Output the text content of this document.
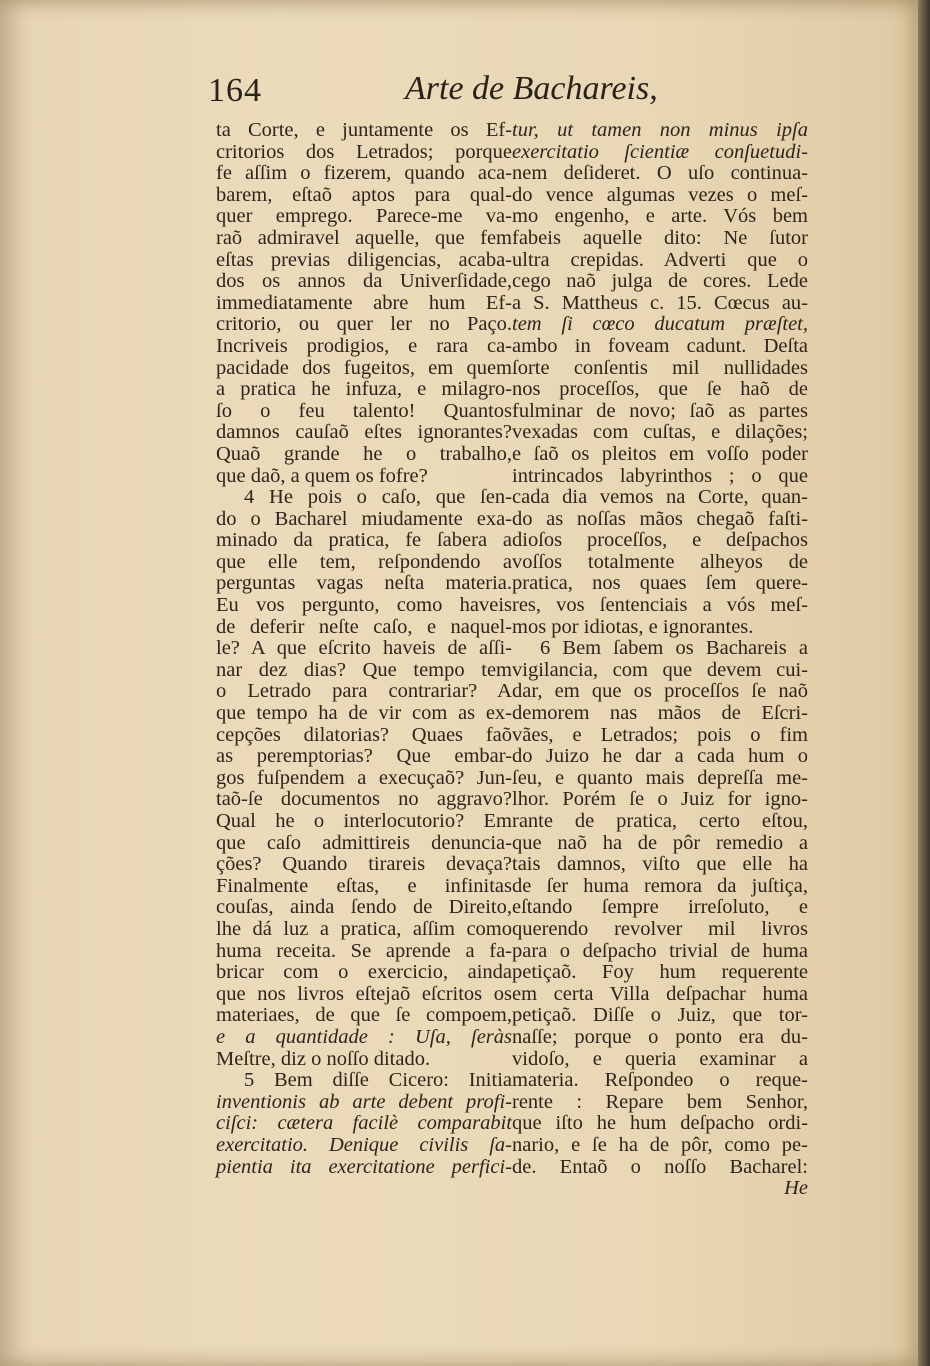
164	Arte de Bachareis,
ta Corte, e juntamente os Ef-
critorios dos Letrados; porque
fe aſſim o fizerem, quando aca-
barem, eſtaõ aptos para qual-
quer emprego. Parece-me va-
raõ admiravel aquelle, que fem
eſtas previas diligencias, acaba-
dos os annos da Univerſidade,
immediatamente abre hum Ef-
critorio, ou quer ler no Paço.
Incriveis prodigios, e rara ca-
pacidade dos fugeitos, em quem
a pratica he infuza, e milagro-
ſo o feu talento! Quantos
damnos cauſaõ eſtes ignorantes?
Quaõ grande he o trabalho,
que daõ, a quem os fofre?
4 He pois o caſo, que ſen-
do o Bacharel miudamente exa-
minado da pratica, fe ſabera a
que elle tem, reſpondendo a
perguntas vagas neſta materia.
Eu vos pergunto, como haveis
de deferir neſte caſo, e naquel-
le? A que eſcrito haveis de aſſi-
nar dez dias? Que tempo tem
o Letrado para contrariar? A
que tempo ha de vir com as ex-
cepções dilatorias? Quaes faõ
as peremptorias? Que embar-
gos fuſpendem a execuçaõ? Jun-
taõ-ſe documentos no aggravo?
Qual he o interlocutorio? Em
que caſo admittireis denuncia-
ções? Quando tirareis devaça?
Finalmente eſtas, e infinitas
couſas, ainda ſendo de Direito,
lhe dá luz a pratica, aſſim como
huma receita. Se aprende a fa-
bricar com o exercicio, ainda
que nos livros eſtejaõ eſcritos os
materiaes, de que ſe compoem,
e a quantidade : Uſa, ſeràs
Meſtre, diz o noſſo ditado.
5 Bem diſſe Cicero: Initia
inventionis ab arte debent profi-
ciſci: cætera facilè comparabit
exercitatio. Denique civilis ſa-
pientia ita exercitatione perfici-
tur, ut tamen non minus ipſa
exercitatio ſcientiæ conſuetudi-
nem deſideret. O uſo continua-
do vence algumas vezes o meſ-
mo engenho, e arte. Vós bem
fabeis aquelle dito: Ne ſutor
ultra crepidas. Adverti que o
cego naõ julga de cores. Lede
a S. Mattheus c. 15. Cœcus au-
tem ſi cœco ducatum præſtet,
ambo in foveam cadunt. Deſta
ſorte conſentis mil nullidades
nos proceſſos, que ſe haõ de
fulminar de novo; ſaõ as partes
vexadas com cuſtas, e dilações;
e ſaõ os pleitos em voſſo poder
intrincados labyrinthos ; o que
cada dia vemos na Corte, quan-
do as noſſas mãos chegaõ faſti-
dioſos proceſſos, e deſpachos
voſſos totalmente alheyos de
pratica, nos quaes ſem quere-
res, vos ſentenciais a vós meſ-
mos por idiotas, e ignorantes.
6 Bem ſabem os Bachareis a
vigilancia, com que devem cui-
dar, em que os proceſſos ſe naõ
demorem nas mãos de Eſcri-
vães, e Letrados; pois o fim
do Juizo he dar a cada hum o
ſeu, e quanto mais depreſſa me-
lhor. Porém ſe o Juiz for igno-
rante de pratica, certo eſtou,
que naõ ha de pôr remedio a
tais damnos, viſto que elle ha
de ſer huma remora da juſtiça,
eſtando ſempre irreſoluto, e
querendo revolver mil livros
para o deſpacho trivial de huma
petiçaõ. Foy hum requerente
em certa Villa deſpachar huma
petiçaõ. Diſſe o Juiz, que tor-
naſſe; porque o ponto era du-
vidoſo, e queria examinar a
materia. Reſpondeo o reque-
rente : Repare bem Senhor,
que iſto he hum deſpacho ordi-
nario, e ſe ha de pôr, como pe-
de. Entaõ o noſſo Bacharel:
He
